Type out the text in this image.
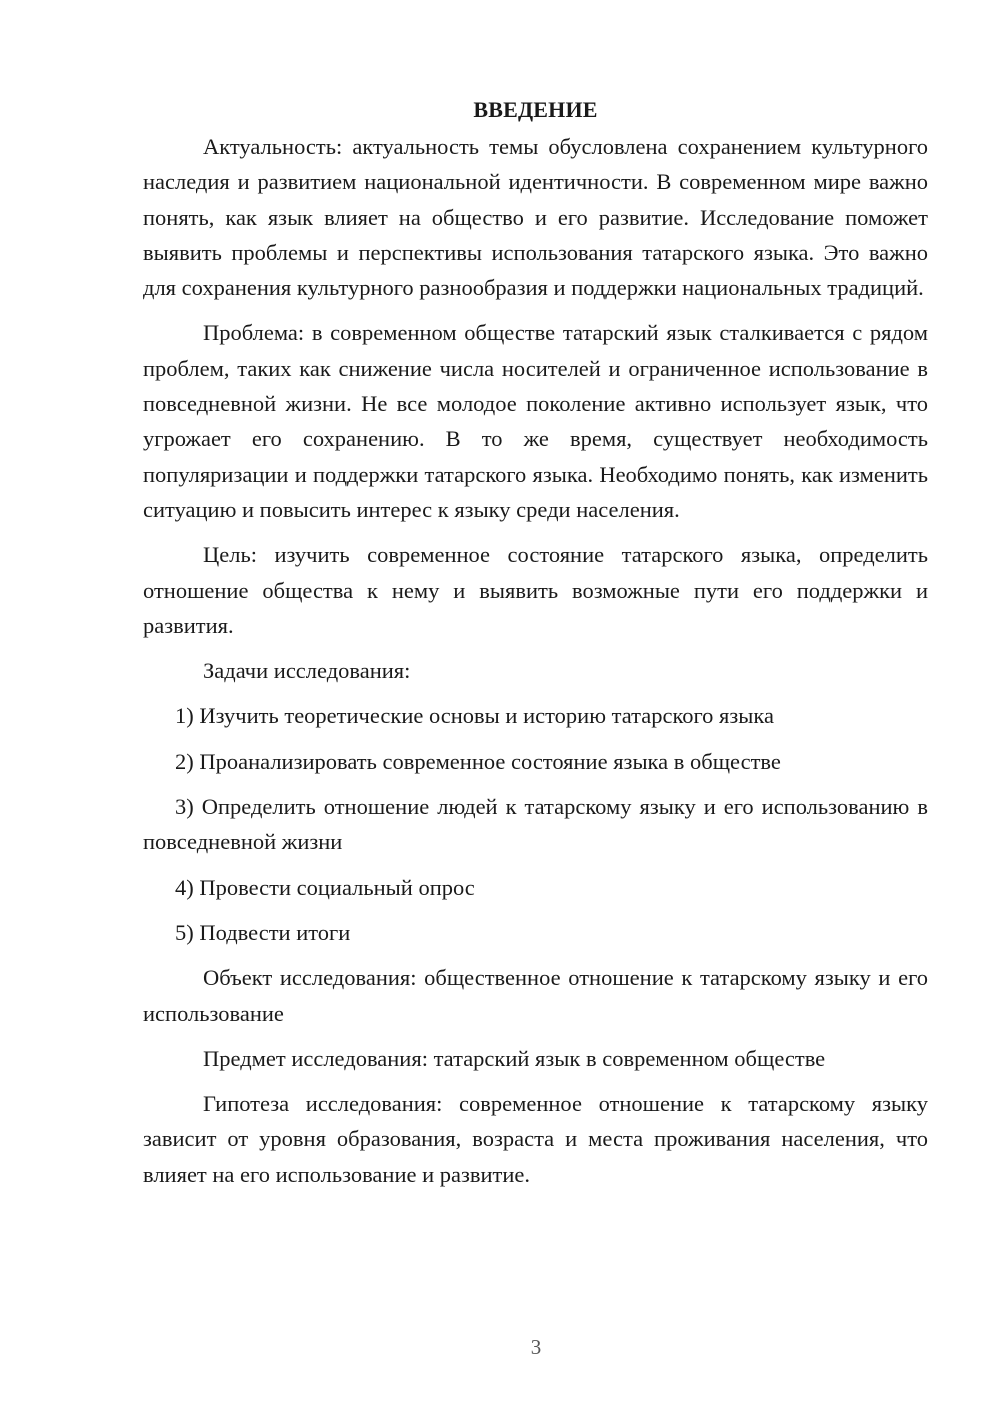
ВВЕДЕНИЕ

Актуальность: актуальность темы обусловлена сохранением культурного наследия и развитием национальной идентичности. В современном мире важно понять, как язык влияет на общество и его развитие. Исследование поможет выявить проблемы и перспективы использования татарского языка. Это важно для сохранения культурного разнообразия и поддержки национальных традиций.

Проблема: в современном обществе татарский язык сталкивается с рядом проблем, таких как снижение числа носителей и ограниченное использование в повседневной жизни. Не все молодое поколение активно использует язык, что угрожает его сохранению. В то же время, существует необходимость популяризации и поддержки татарского языка. Необходимо понять, как изменить ситуацию и повысить интерес к языку среди населения.

Цель: изучить современное состояние татарского языка, определить отношение общества к нему и выявить возможные пути его поддержки и развития.

Задачи исследования:

1) Изучить теоретические основы и историю татарского языка

2) Проанализировать современное состояние языка в обществе

3) Определить отношение людей к татарскому языку и его использованию в повседневной жизни

4) Провести социальный опрос

5) Подвести итоги

Объект исследования: общественное отношение к татарскому языку и его использование

Предмет исследования: татарский язык в современном обществе

Гипотеза исследования: современное отношение к татарскому языку зависит от уровня образования, возраста и места проживания населения, что влияет на его использование и развитие.

3
